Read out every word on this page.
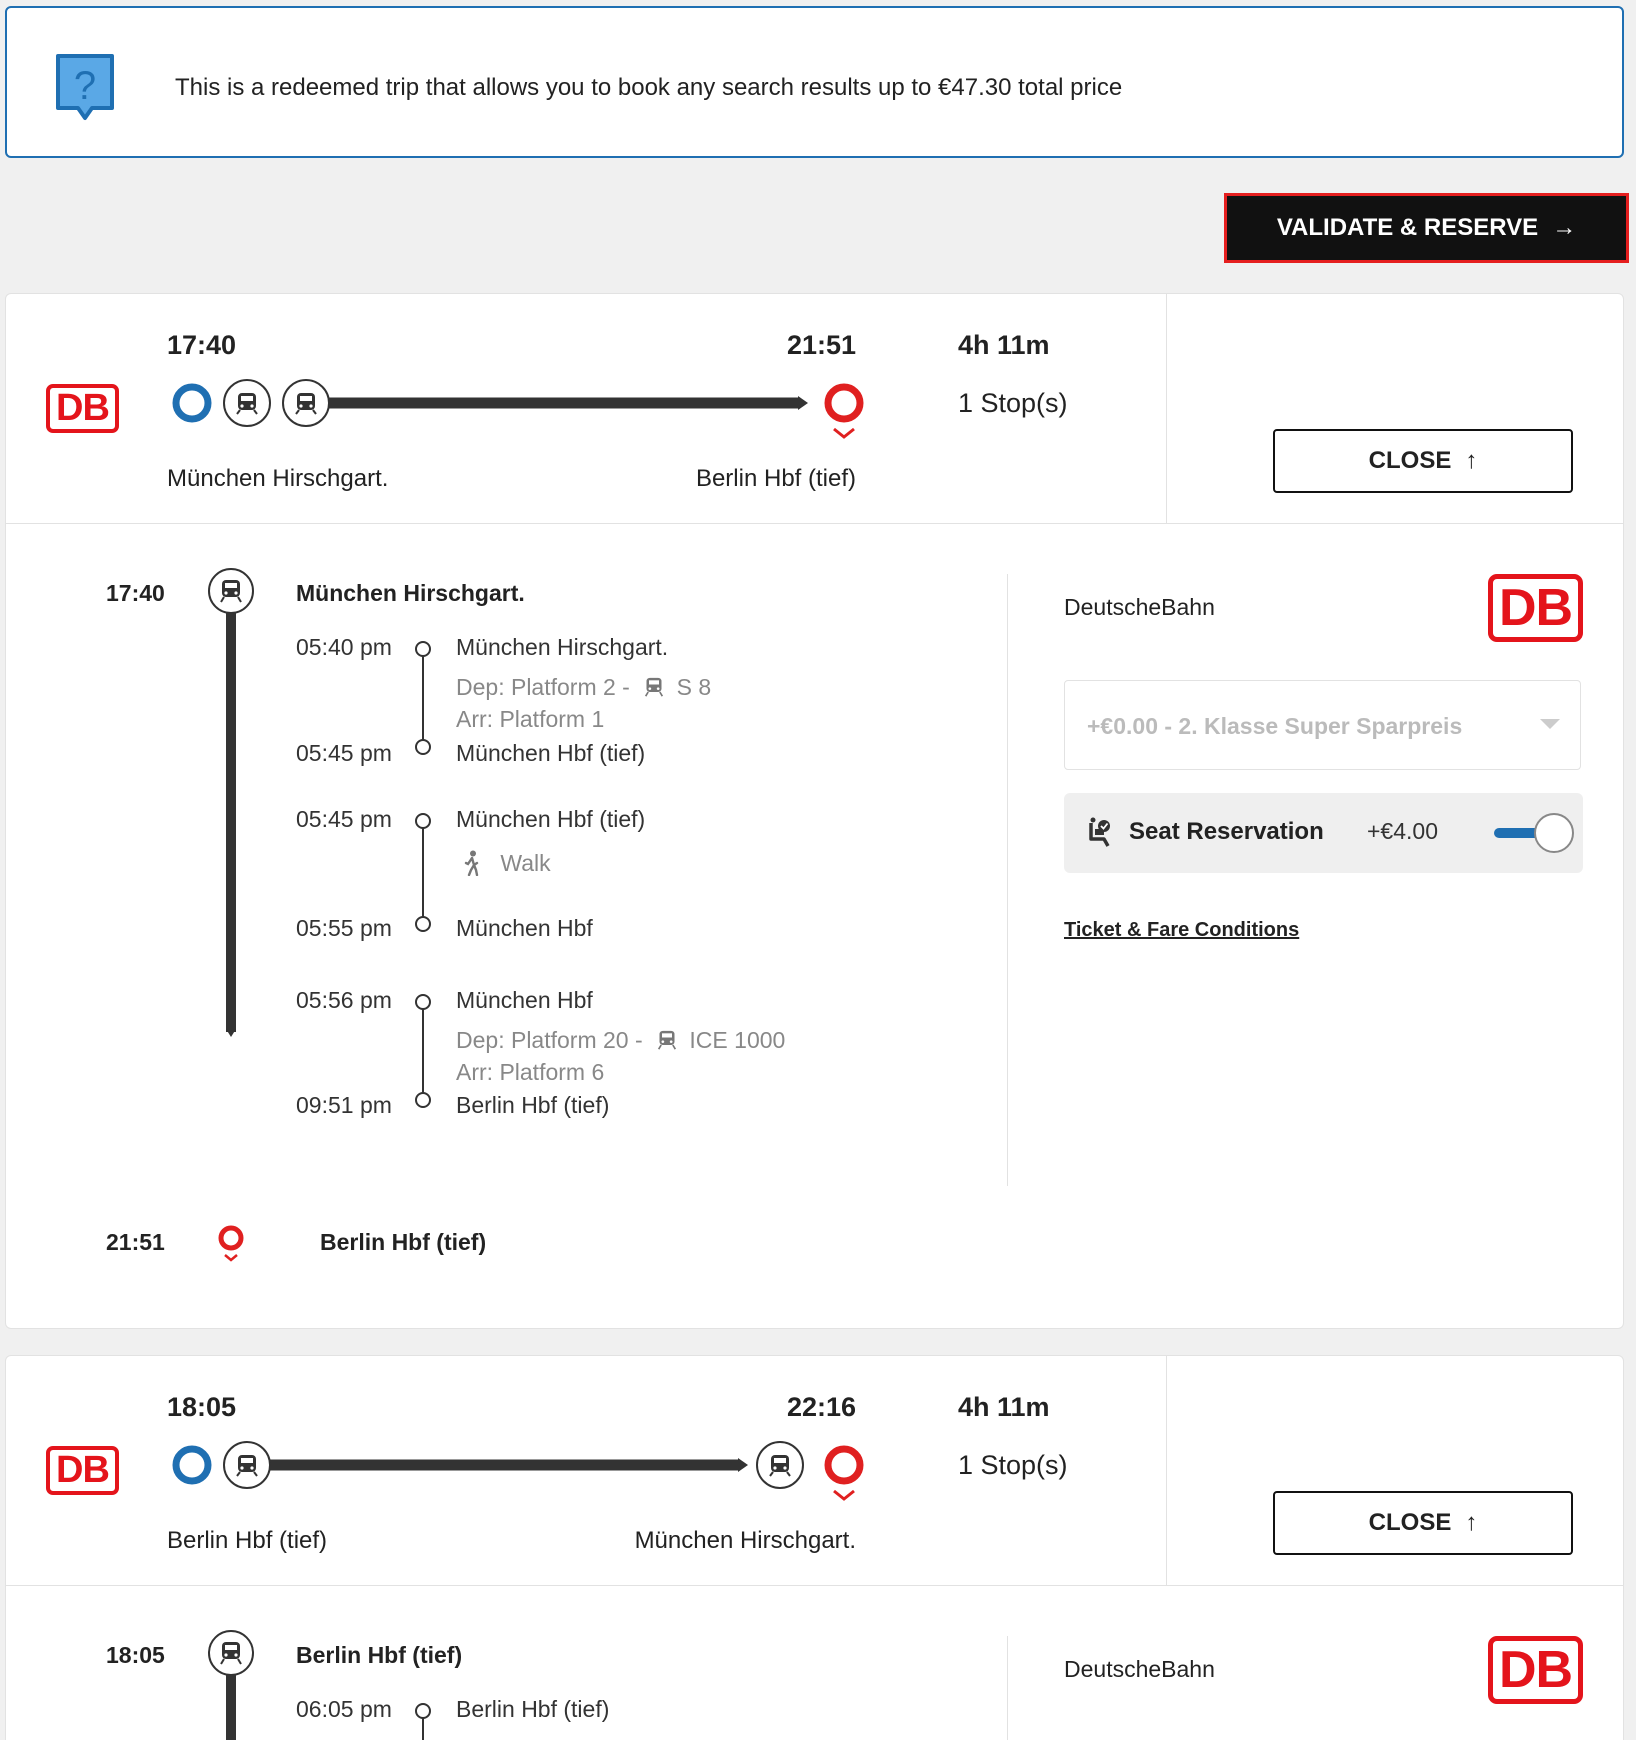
?	This is a redeemed trip that allows you to book any search results up to €47.30 total price
VALIDATE & RESERVE →
DB
17:40	21:51	4h 11m
1 Stop(s)
München Hirschgart.	Berlin Hbf (tief)
CLOSE ↑
17:40	München Hirschgart.
05:40 pm	München Hirschgart.
Dep: Platform 2 - S 8
Arr: Platform 1
05:45 pm	München Hbf (tief)
05:45 pm	München Hbf (tief)
Walk
05:55 pm	München Hbf
05:56 pm	München Hbf
Dep: Platform 20 - ICE 1000
Arr: Platform 6
09:51 pm	Berlin Hbf (tief)
21:51	Berlin Hbf (tief)
DeutscheBahn	DB
+€0.00 - 2. Klasse Super Sparpreis
Seat Reservation +€4.00
Ticket & Fare Conditions
DB
18:05	22:16	4h 11m
1 Stop(s)
Berlin Hbf (tief)	München Hirschgart.
CLOSE ↑
18:05	Berlin Hbf (tief)
06:05 pm	Berlin Hbf (tief)
DeutscheBahn	DB
